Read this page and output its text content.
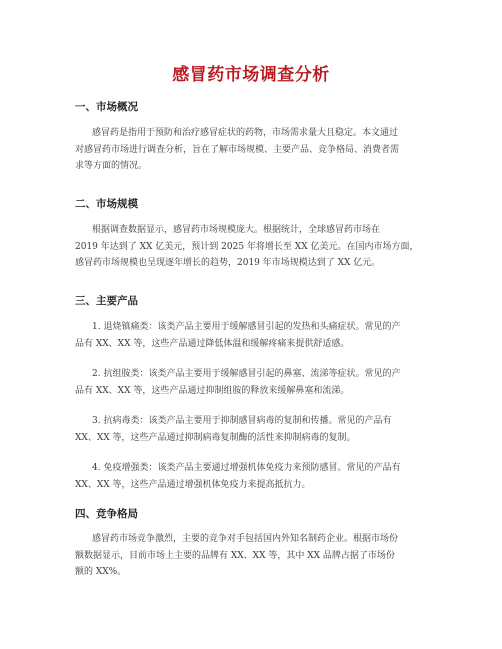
感冒药市场调查分析
一、市场概况
感冒药是指用于预防和治疗感冒症状的药物，市场需求量大且稳定。本文通过
对感冒药市场进行调查分析，旨在了解市场规模、主要产品、竞争格局、消费者需
求等方面的情况。
二、市场规模
根据调查数据显示，感冒药市场规模庞大。根据统计，全球感冒药市场在
2019 年达到了 XX 亿美元，预计到 2025 年将增长至 XX 亿美元。在国内市场方面，
感冒药市场规模也呈现逐年增长的趋势，2019 年市场规模达到了 XX 亿元。
三、主要产品
1. 退烧镇痛类：该类产品主要用于缓解感冒引起的发热和头痛症状。常见的产
品有 XX、XX 等，这些产品通过降低体温和缓解疼痛来提供舒适感。
2. 抗组胺类：该类产品主要用于缓解感冒引起的鼻塞、流涕等症状。常见的产
品有 XX、XX 等，这些产品通过抑制组胺的释放来缓解鼻塞和流涕。
3. 抗病毒类：该类产品主要用于抑制感冒病毒的复制和传播。常见的产品有
XX、XX 等，这些产品通过抑制病毒复制酶的活性来抑制病毒的复制。
4. 免疫增强类：该类产品主要通过增强机体免疫力来预防感冒。常见的产品有
XX、XX 等，这些产品通过增强机体免疫力来提高抵抗力。
四、竞争格局
感冒药市场竞争激烈，主要的竞争对手包括国内外知名制药企业。根据市场份
额数据显示，目前市场上主要的品牌有 XX、XX 等，其中 XX 品牌占据了市场份
额的 XX%。
